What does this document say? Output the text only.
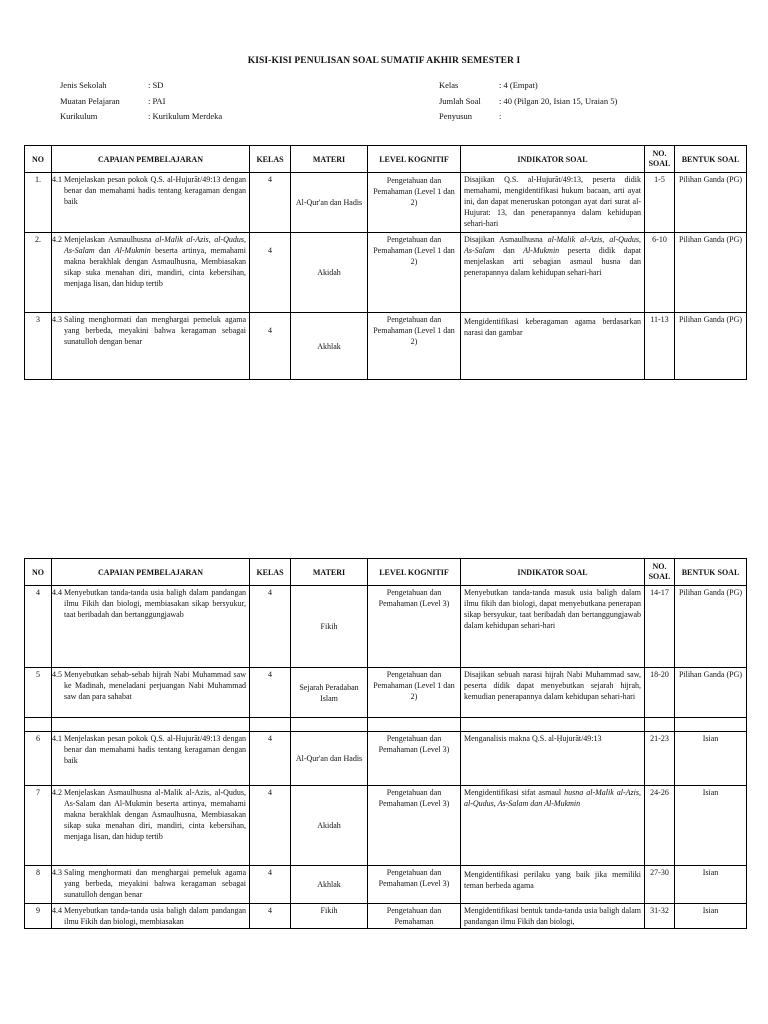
KISI-KISI PENULISAN SOAL SUMATIF AKHIR SEMESTER I
Jenis Sekolah	: SD
Muatan Pelajaran	: PAI
Kurikulum	: Kurikulum Merdeka
Kelas	: 4 (Empat)
Jumlah Soal : 40 (Pilgan 20, Isian 15, Uraian 5)
Penyusun	:
NO	CAPAIAN PEMBELAJARAN	KELAS	MATERI	LEVEL KOGNITIF	INDIKATOR SOAL	NO.
SOAL	BENTUK SOAL
1.	4.1 Menjelaskan pesan pokok Q.S. al-Hujurāt/49:13 dengan benar dan memahami hadis tentang keragaman dengan baik	4	Al-Qur'an dan Hadis	Pengetahuan dan Pemahaman (Level 1 dan 2)	Disajikan Q.S. al-Hujurāt/49:13, peserta didik memahami, mengidentifikasi hukum bacaan, arti ayat ini, dan dapat meneruskan potongan ayat dari surat al-Hujurat: 13, dan penerapannya dalam kehidupan sehari-hari	1-5	Pilihan Ganda (PG)
2.	4.2 Menjelaskan Asmaulhusna al-Malik al-Azis, al-Qudus, As-Salam dan Al-Mukmin beserta artinya, memahami makna berakhlak dengan Asmaulhusna, Membiasakan sikap suka menahan diri, mandiri, cinta kebersihan, menjaga lisan, dan hidup tertib	4	Akidah	Pengetahuan dan Pemahaman (Level 1 dan 2)	Disajikan Asmaulhusna al-Malik al-Azis, al-Qudus, As-Salam dan Al-Mukmin peserta didik dapat menjelaskan arti sebagian asmaul husna dan penerapannya dalam kehidupan sehari-hari	6-10	Pilihan Ganda (PG)
3	4.3 Saling menghormati dan menghargai pemeluk agama yang berbeda, meyakini bahwa keragaman sebagai sunatulloh dengan benar	4	Akhlak	Pengetahuan dan Pemahaman (Level 1 dan 2)	Mengidentifikasi keberagaman agama berdasarkan narasi dan gambar	11-13	Pilihan Ganda (PG)
NO	CAPAIAN PEMBELAJARAN	KELAS	MATERI	LEVEL KOGNITIF	INDIKATOR SOAL	NO.
SOAL	BENTUK SOAL
4	4.4 Menyebutkan tanda-tanda usia baligh dalam pandangan ilmu Fikih dan biologi, membiasakan sikap bersyukur, taat beribadah dan bertanggungjawab	4	Fikih	Pengetahuan dan Pemahaman (Level 3)	Menyebutkan tanda-tanda masuk usia baligh dalam ilmu fikih dan biologi, dapat menyebutkana penerapan sikap bersyukur, taat beribadah dan bertanggungjawab dalam kehidupan sehari-hari	14-17	Pilihan Ganda (PG)
5	4.5 Menyebutkan sebab-sebab hijrah Nabi Muhammad saw ke Madinah, meneladani perjuangan Nabi Muhammad saw dan para sahabat	4	Sejarah Peradaban Islam	Pengetahuan dan Pemahaman (Level 1 dan 2)	Disajikan sebuah narasi hijrah Nabi Muhammad saw, peserta didik dapat menyebutkan sejarah hijrah, kemudian penerapannya dalam kehidupan sehari-hari	18-20	Pilihan Ganda (PG)

6	4.1 Menjelaskan pesan pokok Q.S. al-Hujurāt/49:13 dengan benar dan memahami hadis tentang keragaman dengan baik	4	Al-Qur'an dan Hadis	Pengetahuan dan Pemahaman (Level 3)	Menganalisis makna Q.S. al-Ḥujurāt/49:13	21-23	Isian
7	4.2 Menjelaskan Asmaulhusna al-Malik al-Azis, al-Qudus, As-Salam dan Al-Mukmin beserta artinya, memahami makna berakhlak dengan Asmaulhusna, Membiasakan sikap suka menahan diri, mandiri, cinta kebersihan, menjaga lisan, dan hidup tertib	4	Akidah	Pengetahuan dan Pemahaman (Level 3)	Mengidentifikasi sifat asmaul husna al-Malik al-Azis, al-Qudus, As-Salam dan Al-Mukmin	24-26	Isian
8	4.3 Saling menghormati dan menghargai pemeluk agama yang berbeda, meyakini bahwa keragaman sebagai sunatulloh dengan benar	4	Akhlak	Pengetahuan dan Pemahaman (Level 3)	Mengidentifikasi perilaku yang baik jika memiliki teman berbeda agama	27-30	Isian
9	4.4 Menyebutkan tanda-tanda usia baligh dalam pandangan ilmu Fikih dan biologi, membiasakan	4	Fikih	Pengetahuan dan Pemahaman	Mengidentifikasi bentuk tanda-tanda usia baligh dalam pandangan ilmu Fikih dan biologi,	31-32	Isian
